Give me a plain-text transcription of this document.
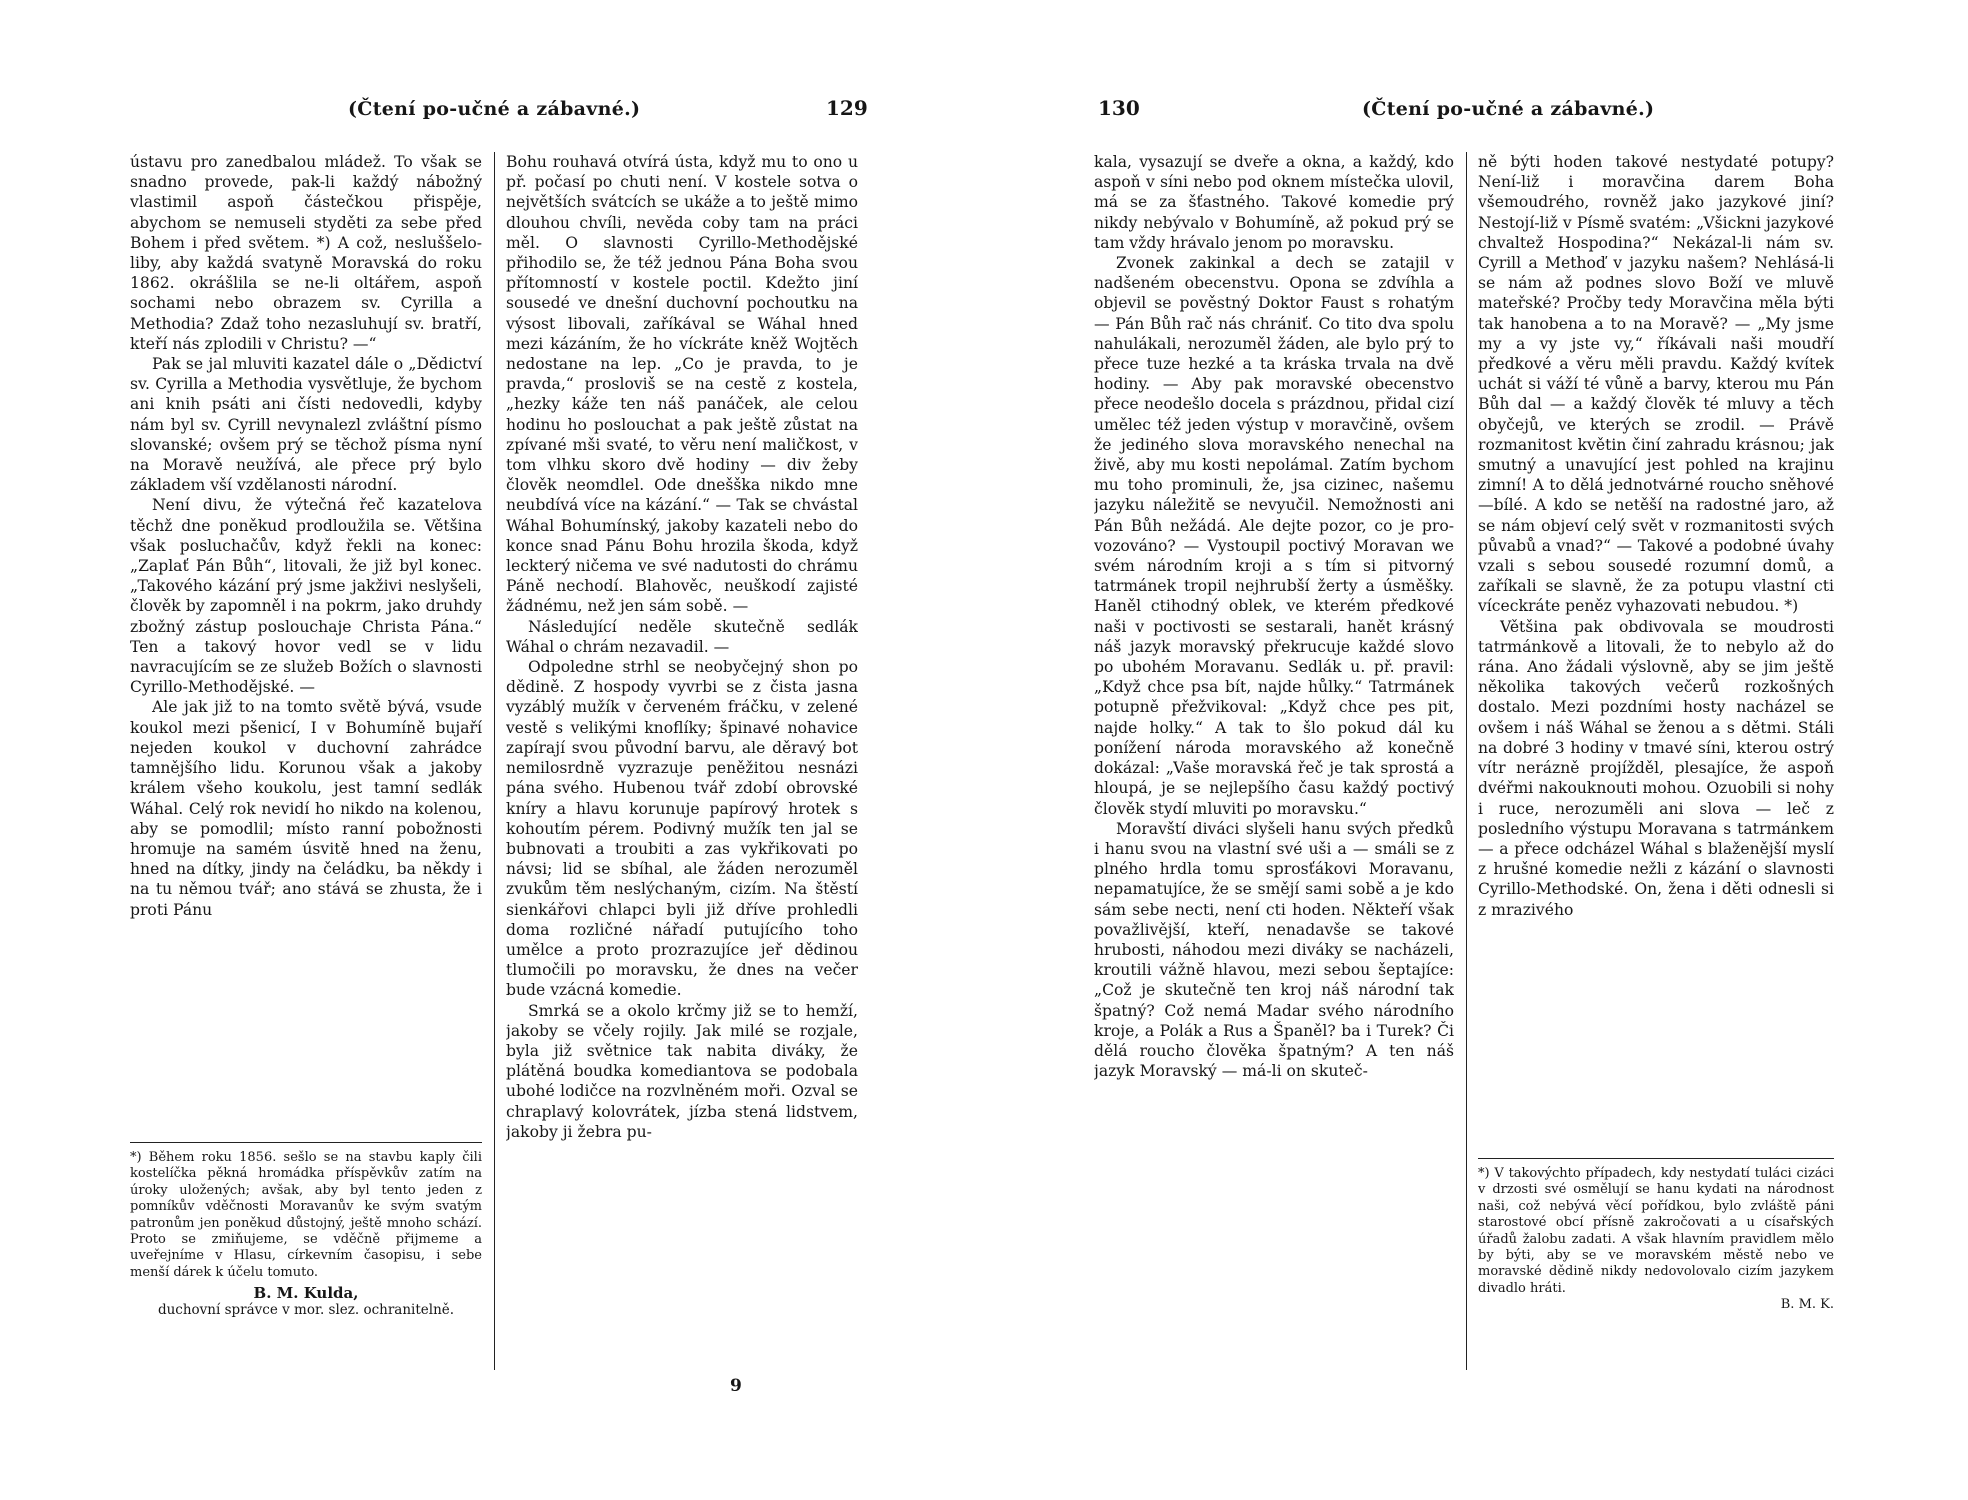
(Čtení po-učné a zábavné.)	129

ústavu pro zanedbalou mládež. To však se snadno provede, pak-li každý nábožný vlastimil aspoň částečkou přispěje, abychom se nemuseli styděti za sebe před Bohem i před světem. *) A což, nesluššelo-liby, aby každá svatyně Moravská do roku 1862. okrášlila se ne-li oltářem, aspoň sochami nebo obrazem sv. Cyrilla a Methodia? Zdaž toho nezasluhují sv. bratří, kteří nás zplodili v Christu? —“

Pak se jal mluviti kazatel dále o „Dědictví sv. Cyrilla a Methodia vysvětluje, že bychom ani knih psáti ani čísti nedovedli, kdyby nám byl sv. Cyrill nevynalezl zvláštní písmo slovanské; ovšem prý se těchož písma nyní na Moravě neužívá, ale přece prý bylo základem vší vzdělanosti národní.

Není divu, že výtečná řeč kazatelova těchž dne poněkud prodloužila se. Většina však posluchačův, když řekli na konec: „Zaplať Pán Bůh“, litovali, že již byl konec. „Takového kázání prý jsme jakživi neslyšeli, člověk by zapomněl i na pokrm, jako druhdy zbožný zástup poslouchaje Christa Pána.“ Ten a takový hovor vedl se v lidu navracujícím se ze služeb Božích o slavnosti Cyrillo-Methodějské. —

Ale jak již to na tomto světě bývá, vsude koukol mezi pšenicí, I v Bohumíně bujaří nejeden koukol v duchovní zahrádce tamnějšího lidu. Korunou však a jakoby králem všeho koukolu, jest tamní sedlák Wáhal. Celý rok nevidí ho nikdo na kolenou, aby se pomodlil; místo ranní pobožnosti hromuje na samém úsvitě hned na ženu, hned na dítky, jindy na čeládku, ba někdy i na tu němou tvář; ano stává se zhusta, že i proti Pánu

Bohu rouhavá otvírá ústa, když mu to ono u př. počasí po chuti není. V kostele sotva o největších svátcích se ukáže a to ještě mimo dlouhou chvíli, nevěda coby tam na práci měl. O slavnosti Cyrillo-Methodějské přihodilo se, že též jednou Pána Boha svou přítomností v kostele poctil. Kdežto jiní sousedé ve dnešní duchovní pochoutku na výsost libovali, zaříkával se Wáhal hned mezi kázáním, že ho víckráte kněž Wojtěch nedostane na lep. „Co je pravda, to je pravda,“ prosloviš se na cestě z kostela, „hezky káže ten náš panáček, ale celou hodinu ho poslouchat a pak ještě zůstat na zpívané mši svaté, to věru není maličkost, v tom vlhku skoro dvě hodiny — div žeby člověk neomdlel. Ode dnešška nikdo mne neubdívá více na kázání.“ — Tak se chvástal Wáhal Bohumínský, jakoby kazateli nebo do konce snad Pánu Bohu hrozila škoda, když leckterý ničema ve své nadutosti do chrámu Páně nechodí. Blahověc, neuškodí zajisté žádnému, než jen sám sobě. —

Následující neděle skutečně sedlák Wáhal o chrám nezavadil. —

Odpoledne strhl se neobyčejný shon po dědině. Z hospody vyvrbi se z čista jasna vyzáblý mužík v červeném fráčku, v zelené vestě s velikými knoflíky; špinavé nohavice zapírají svou původní barvu, ale děravý bot nemilosrdně vyzrazuje peněžitou nesnázi pána svého. Hubenou tvář zdobí obrovské kníry a hlavu korunuje papírový hrotek s kohoutím pérem. Podivný mužík ten jal se bubnovati a troubiti a zas vykřikovati po návsi; lid se sbíhal, ale žáden nerozuměl zvukům těm neslýchaným, cizím. Na štěstí sienkářovi chlapci byli již dříve prohledli doma rozličné nářadí putujícího toho umělce a proto prozrazujíce jeř dědinou tlumočili po moravsku, že dnes na večer bude vzácná komedie.

Smrká se a okolo krčmy již se to hemží, jakoby se včely rojily. Jak milé se rozjale, byla již světnice tak nabita diváky, že plátěná boudka komediantova se podobala ubohé lodičce na rozvlněném moři. Ozval se chraplavý kolovrátek, jízba stená lidstvem, jakoby ji žebra pu-

*) Během roku 1856. sešlo se na stavbu kaply čili kostelíčka pěkná hromádka příspěvkův zatím na úroky uložených; avšak, aby byl tento jeden z pomníkův vděčnosti Moravanův ke svým svatým patronům jen poněkud důstojný, ještě mnoho schází. Proto se zmiňujeme, se vděčně přijmeme a uveřejníme v Hlasu, církevním časopisu, i sebe menší dárek k účelu tomuto.

B. M. Kulda,

duchovní správce v mor. slez. ochranitelně.

9
130	(Čtení po-učné a zábavné.)

kala, vysazují se dveře a okna, a každý, kdo aspoň v síni nebo pod oknem místečka ulovil, má se za šťastného. Takové komedie prý nikdy nebývalo v Bohumíně, až pokud prý se tam vždy hrávalo jenom po moravsku.

Zvonek zakinkal a dech se zatajil v nadšeném obecenstvu. Opona se zdvíhla a objevil se pověstný Doktor Faust s rohatým — Pán Bůh rač nás chrániť. Co tito dva spolu nahulákali, nerozuměl žáden, ale bylo prý to přece tuze hezké a ta kráska trvala na dvě hodiny. — Aby pak moravské obecenstvo přece neodešlo docela s prázdnou, přidal cizí umělec též jeden výstup v moravčině, ovšem že jediného slova moravského nenechal na živě, aby mu kosti nepolámal. Zatím bychom mu toho prominuli, že, jsa cizinec, našemu jazyku náležitě se nevyučil. Nemožnosti ani Pán Bůh nežádá. Ale dejte pozor, co je pro-vozováno? — Vystoupil poctivý Moravan we svém národním kroji a s tím si pitvorný tatrmánek tropil nejhrubší žerty a úsměšky. Haněl ctihodný oblek, ve kterém předkové naši v poctivosti se sestarali, hanět krásný náš jazyk moravský překrucuje každé slovo po ubohém Moravanu. Sedlák u. př. pravil: „Když chce psa bít, najde hůlky.“ Tatrmánek potupně přežvikoval: „Když chce pes pit, najde holky.“ A tak to šlo pokud dál ku ponížení národa moravského až konečně dokázal: „Vaše moravská řeč je tak sprostá a hloupá, je se nejlepšího času každý poctivý člověk stydí mluviti po moravsku.“

Moravští diváci slyšeli hanu svých předků i hanu svou na vlastní své uši a — smáli se z plného hrdla tomu sprosťákovi Moravanu, nepamatujíce, že se smějí sami sobě a je kdo sám sebe necti, není cti hoden. Někteří však považlivější, kteří, nenadavše se takové hrubosti, náhodou mezi diváky se nacházeli, kroutili vážně hlavou, mezi sebou šeptajíce: „Což je skutečně ten kroj náš národní tak špatný? Což nemá Madar svého národního kroje, a Polák a Rus a Španěl? ba i Turek? Či dělá roucho člověka špatným? A ten náš jazyk Moravský — má-li on skuteč-

ně býti hoden takové nestydaté potupy? Není-liž i moravčina darem Boha všemoudrého, rovněž jako jazykové jiní? Nestojí-liž v Písmě svatém: „Všickni jazykové chvaltež Hospodina?“ Nekázal-li nám sv. Cyrill a Methoď v jazyku našem? Nehlásá-li se nám až podnes slovo Boží ve mluvě mateřské? Pročby tedy Moravčina měla býti tak hanobena a to na Moravě? — „My jsme my a vy jste vy,“ říkávali naši moudří předkové a věru měli pravdu. Každý kvítek uchát si váží té vůně a barvy, kterou mu Pán Bůh dal — a každý člověk té mluvy a těch obyčejů, ve kterých se zrodil. — Právě rozmanitost květin činí zahradu krásnou; jak smutný a unavující jest pohled na krajinu zimní! A to dělá jednotvárné roucho sněhové—bílé. A kdo se netěší na radostné jaro, až se nám objeví celý svět v rozmanitosti svých půvabů a vnad?“ — Takové a podobné úvahy vzali s sebou sousedé rozumní domů, a zaříkali se slavně, že za potupu vlastní cti víceckráte peněz vyhazovati nebudou. *)

Většina pak obdivovala se moudrosti tatrmánkově a litovali, že to nebylo až do rána. Ano žádali výslovně, aby se jim ještě několika takových večerů rozkošných dostalo. Mezi pozdními hosty nacházel se ovšem i náš Wáhal se ženou a s dětmi. Stáli na dobré 3 hodiny v tmavé síni, kterou ostrý vítr nerázně projížděl, plesajíce, že aspoň dvéřmi nakouknouti mohou. Ozuobili si nohy i ruce, nerozuměli ani slova — leč z posledního výstupu Moravana s tatrmánkem — a přece odcházel Wáhal s blaženější myslí z hrušné komedie nežli z kázání o slavnosti Cyrillo-Methodské. On, žena i děti odnesli si z mrazivého

*) V takovýchto případech, kdy nestydatí tuláci cizáci v drzosti své osmělují se hanu kydati na národnost naši, což nebývá věcí pořídkou, bylo zvláště páni starostové obcí přísně zakročovati a u císařských úřadů žalobu zadati. A však hlavním pravidlem mělo by býti, aby se ve moravském městě nebo ve moravské dědině nikdy nedovolovalo cizím jazykem divadlo hráti.

B. M. K.
